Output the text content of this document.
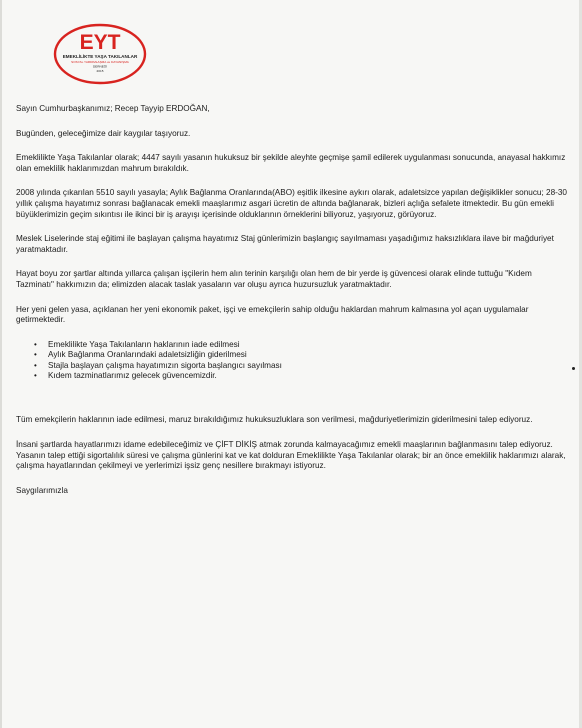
EYT
EMEKLİLİKTE YAŞA TAKILANLAR
SOSYAL YARDIMLAŞMA ve DAYANIŞMA
DERNEĞİ
2015

Sayın Cumhurbaşkanımız; Recep Tayyip ERDOĞAN,

Bugünden, geleceğimize dair kaygılar taşıyoruz.

Emeklilikte Yaşa Takılanlar olarak; 4447 sayılı yasanın hukuksuz bir şekilde aleyhte geçmişe şamil edilerek uygulanması sonucunda, anayasal hakkımız olan emeklilik haklarımızdan mahrum bırakıldık.

2008 yılında çıkarılan 5510 sayılı yasayla; Aylık Bağlanma Oranlarında(ABO) eşitlik ilkesine aykırı olarak, adaletsizce yapılan değişiklikler sonucu; 28-30 yıllık çalışma hayatımız sonrası bağlanacak emekli maaşlarımız asgari ücretin de altında bağlanarak, bizleri açlığa sefalete itmektedir. Bu gün emekli büyüklerimizin geçim sıkıntısı ile ikinci bir iş arayışı içerisinde olduklarının örneklerini biliyoruz, yaşıyoruz, görüyoruz.

Meslek Liselerinde staj eğitimi ile başlayan çalışma hayatımız Staj günlerimizin başlangıç sayılmaması yaşadığımız haksızlıklara ilave bir mağduriyet yaratmaktadır.

Hayat boyu zor şartlar altında yıllarca çalışan işçilerin hem alın terinin karşılığı olan hem de bir yerde iş güvencesi olarak elinde tuttuğu "Kıdem Tazminatı" hakkımızın da; elimizden alacak taslak yasaların var oluşu ayrıca huzursuzluk yaratmaktadır.

Her yeni gelen yasa, açıklanan her yeni ekonomik paket, işçi ve emekçilerin sahip olduğu haklardan mahrum kalmasına yol açan uygulamalar getirmektedir.

• Emeklilikte Yaşa Takılanların haklarının iade edilmesi
• Aylık Bağlanma Oranlarındaki adaletsizliğin giderilmesi
• Stajla başlayan çalışma hayatımızın sigorta başlangıcı sayılması
• Kıdem tazminatlarımız gelecek güvencemizdir.

Tüm emekçilerin haklarının iade edilmesi, maruz bırakıldığımız hukuksuzluklara son verilmesi, mağduriyetlerimizin giderilmesini talep ediyoruz.

İnsani şartlarda hayatlarımızı idame edebileceğimiz ve ÇİFT DİKİŞ atmak zorunda kalmayacağımız emekli maaşlarının bağlanmasını talep ediyoruz. Yasanın talep ettiği sigortalılık süresi ve çalışma günlerini kat ve kat dolduran Emeklilikte Yaşa Takılanlar olarak; bir an önce emeklilik haklarımızı alarak, çalışma hayatlarından çekilmeyi ve yerlerimizi işsiz genç nesillere bırakmayı istiyoruz.

Saygılarımızla
